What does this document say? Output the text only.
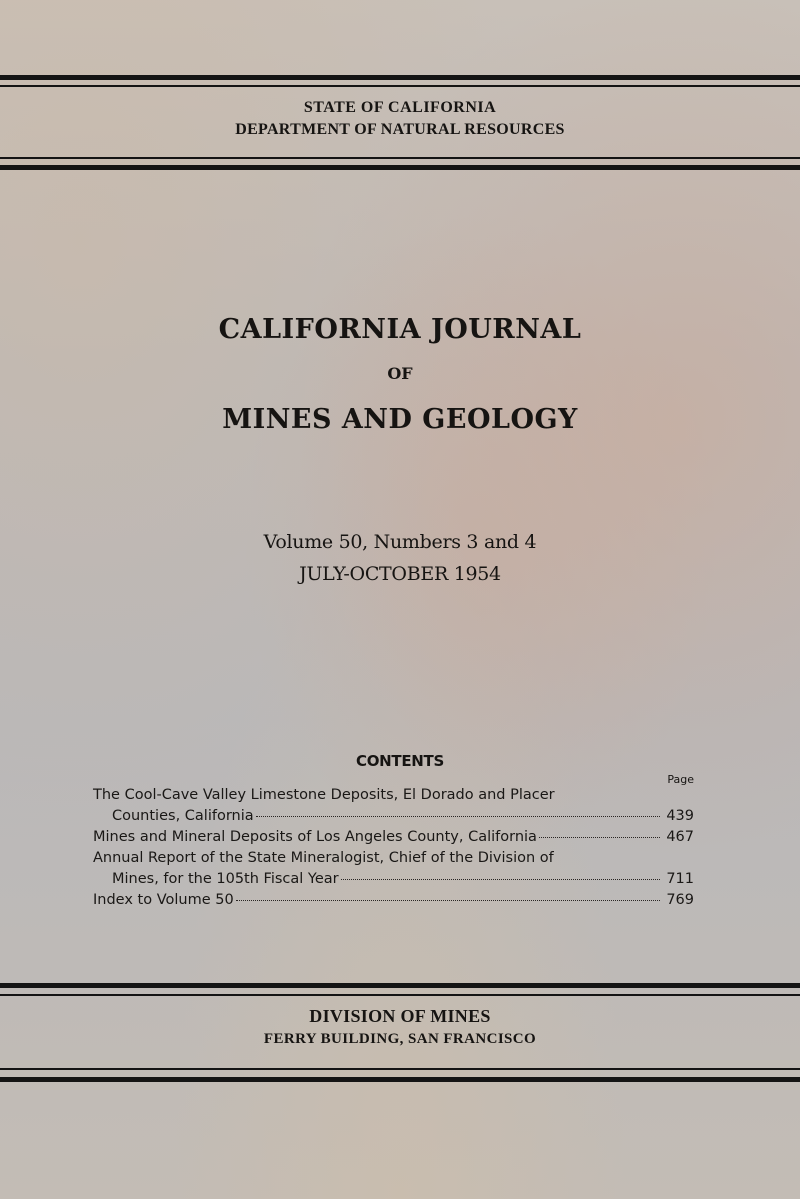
STATE OF CALIFORNIA
DEPARTMENT OF NATURAL RESOURCES
CALIFORNIA JOURNAL
OF
MINES AND GEOLOGY
Volume 50, Numbers 3 and 4
JULY-OCTOBER 1954
CONTENTS
Page
The Cool-Cave Valley Limestone Deposits, El Dorado and Placer
Counties, California	439
Mines and Mineral Deposits of Los Angeles County, California	467
Annual Report of the State Mineralogist, Chief of the Division of
Mines, for the 105th Fiscal Year	711
Index to Volume 50	769
DIVISION OF MINES
FERRY BUILDING, SAN FRANCISCO
